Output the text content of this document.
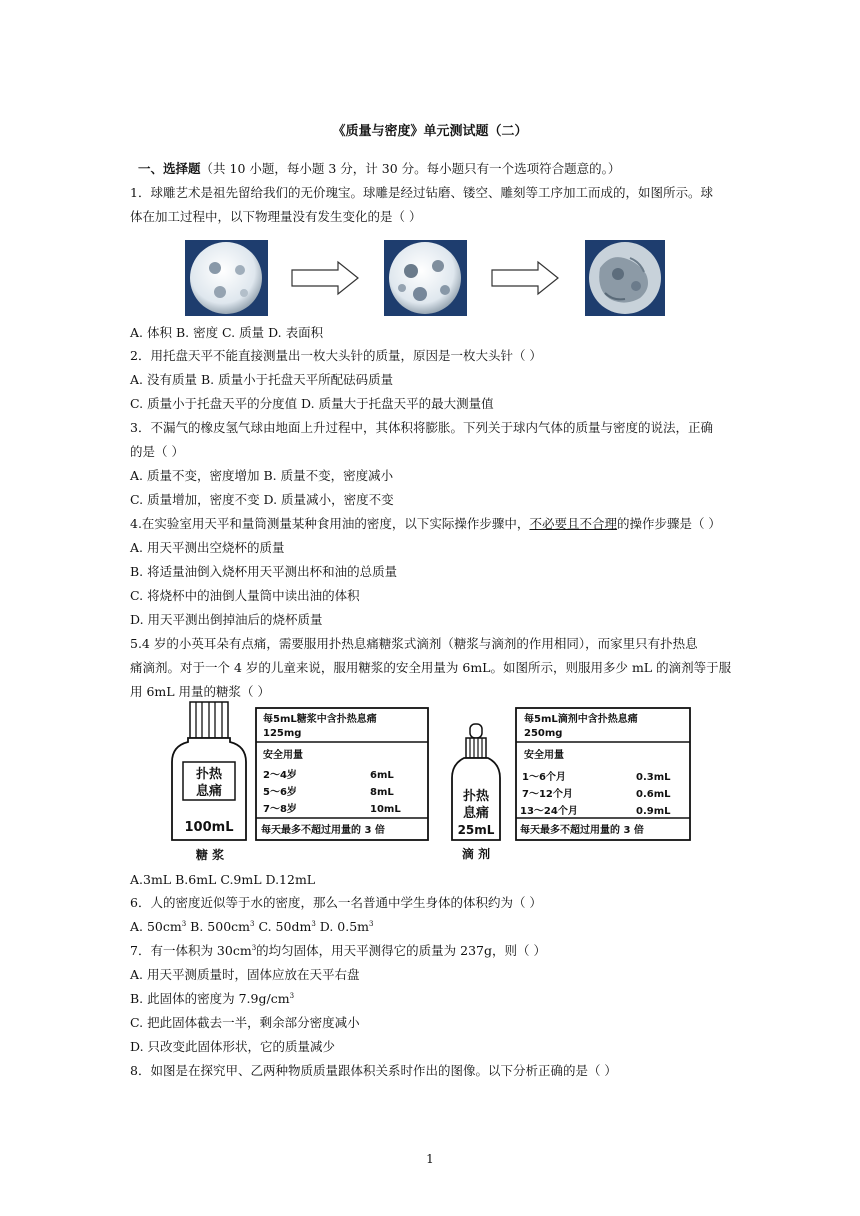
《质量与密度》单元测试题（二）
一、选择题（共 10 小题，每小题 3 分，计 30 分。每小题只有一个选项符合题意的。）
1．球雕艺术是祖先留给我们的无价瑰宝。球雕是经过钻磨、镂空、雕刻等工序加工而成的，如图所示。球
体在加工过程中，以下物理量没有发生变化的是（ ）
A. 体积 B. 密度 C. 质量 D. 表面积
2．用托盘天平不能直接测量出一枚大头针的质量，原因是一枚大头针（ ）
A. 没有质量 B. 质量小于托盘天平所配砝码质量
C. 质量小于托盘天平的分度值 D. 质量大于托盘天平的最大测量值
3．不漏气的橡皮氢气球由地面上升过程中，其体积将膨胀。下列关于球内气体的质量与密度的说法，正确
的是（ ）
A. 质量不变，密度增加 B. 质量不变，密度减小
C. 质量增加，密度不变 D. 质量减小，密度不变
4.在实验室用天平和量筒测量某种食用油的密度，以下实际操作步骤中，不必要且不合理的操作步骤是（ ）
A. 用天平测出空烧杯的质量
B. 将适量油倒入烧杯用天平测出杯和油的总质量
C. 将烧杯中的油倒人量筒中读出油的体积
D. 用天平测出倒掉油后的烧杯质量
5.4 岁的小英耳朵有点痛，需要服用扑热息痛糖浆式滴剂（糖浆与滴剂的作用相同），而家里只有扑热息
痛滴剂。对于一个 4 岁的儿童来说，服用糖浆的安全用量为 6mL。如图所示，则服用多少 mL 的滴剂等于服
用 6mL 用量的糖浆（ ）
扑热
息痛
100mL
糖 浆
每5mL糖浆中含扑热息痛
125mg
安全用量
2～4岁	6mL
5～6岁	8mL
7～8岁	10mL
每天最多不超过用量的 3 倍
扑热
息痛
25mL
滴 剂
每5mL滴剂中含扑热息痛
250mg
安全用量
1～6个月	0.3mL
7～12个月	0.6mL
13～24个月	0.9mL
每天最多不超过用量的 3 倍
A.3mL B.6mL C.9mL D.12mL
6．人的密度近似等于水的密度，那么一名普通中学生身体的体积约为（ ）
A. $50cm^3$ B. $500cm^3$ C. $50dm^3$ D. $0.5m^3$
7．有一体积为 $30cm^3$的均匀固体，用天平测得它的质量为 237g，则（ ）
A. 用天平测质量时，固体应放在天平右盘
B. 此固体的密度为 $7.9g/cm^3$
C. 把此固体截去一半，剩余部分密度减小
D. 只改变此固体形状，它的质量减少
8．如图是在探究甲、乙两种物质质量跟体积关系时作出的图像。以下分析正确的是（ ）
1
